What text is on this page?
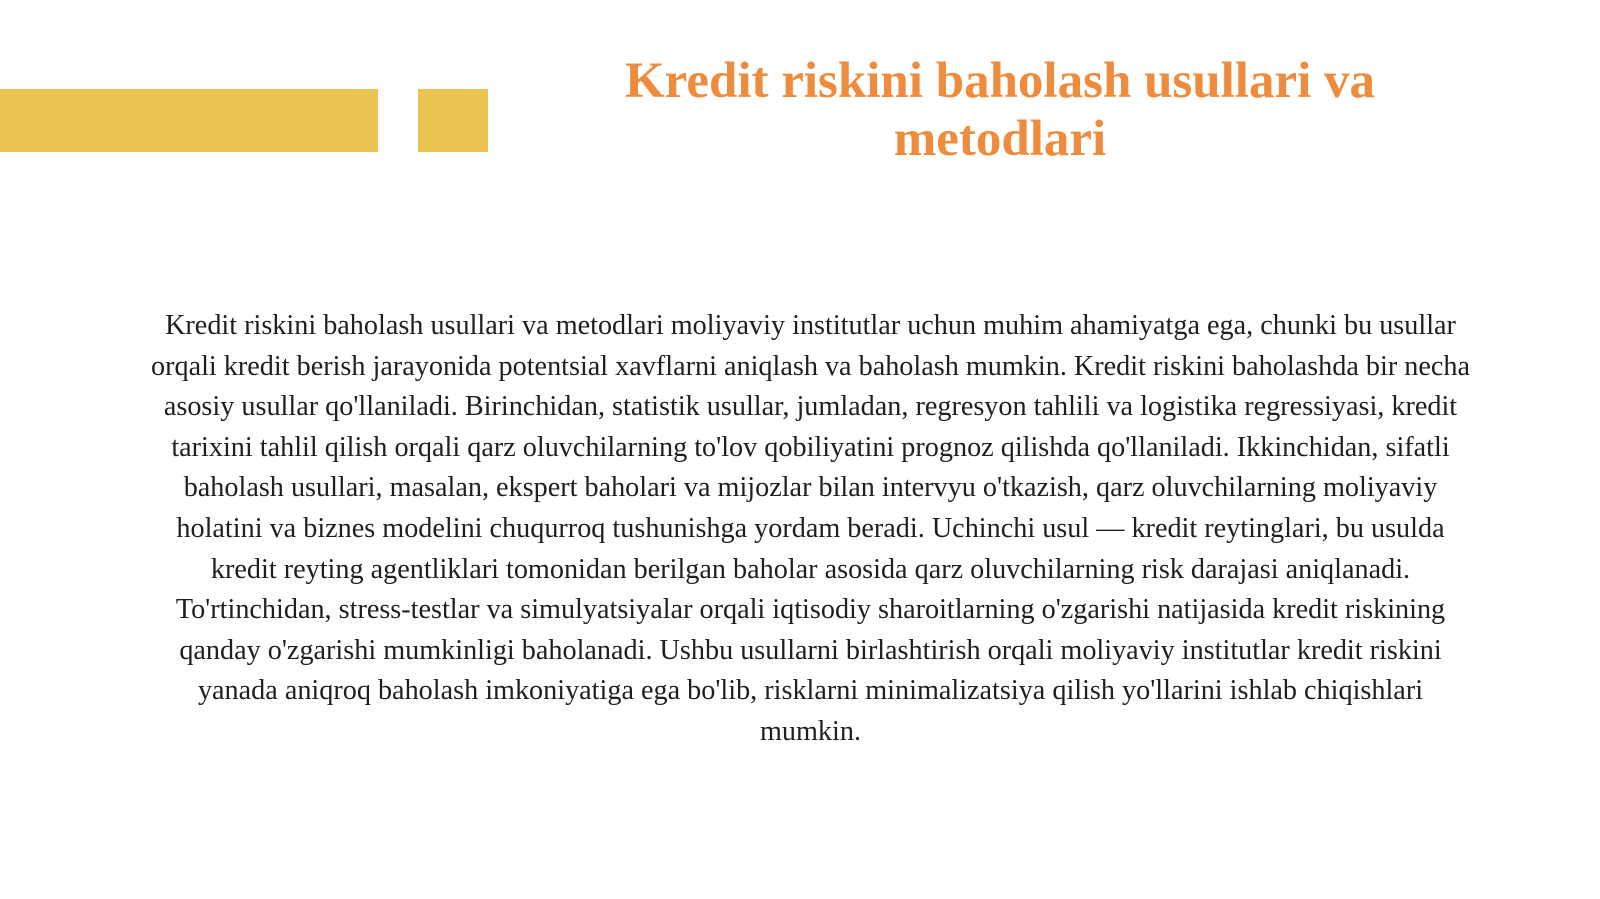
Kredit riskini baholash usullari va metodlari

Kredit riskini baholash usullari va metodlari moliyaviy institutlar uchun muhim ahamiyatga ega, chunki bu usullar orqali kredit berish jarayonida potentsial xavflarni aniqlash va baholash mumkin. Kredit riskini baholashda bir necha asosiy usullar qo'llaniladi. Birinchidan, statistik usullar, jumladan, regresyon tahlili va logistika regressiyasi, kredit tarixini tahlil qilish orqali qarz oluvchilarning to'lov qobiliyatini prognoz qilishda qo'llaniladi. Ikkinchidan, sifatli baholash usullari, masalan, ekspert baholari va mijozlar bilan intervyu o'tkazish, qarz oluvchilarning moliyaviy holatini va biznes modelini chuqurroq tushunishga yordam beradi. Uchinchi usul — kredit reytinglari, bu usulda kredit reyting agentliklari tomonidan berilgan baholar asosida qarz oluvchilarning risk darajasi aniqlanadi. To'rtinchidan, stress-testlar va simulyatsiyalar orqali iqtisodiy sharoitlarning o'zgarishi natijasida kredit riskining qanday o'zgarishi mumkinligi baholanadi. Ushbu usullarni birlashtirish orqali moliyaviy institutlar kredit riskini yanada aniqroq baholash imkoniyatiga ega bo'lib, risklarni minimalizatsiya qilish yo'llarini ishlab chiqishlari mumkin.
